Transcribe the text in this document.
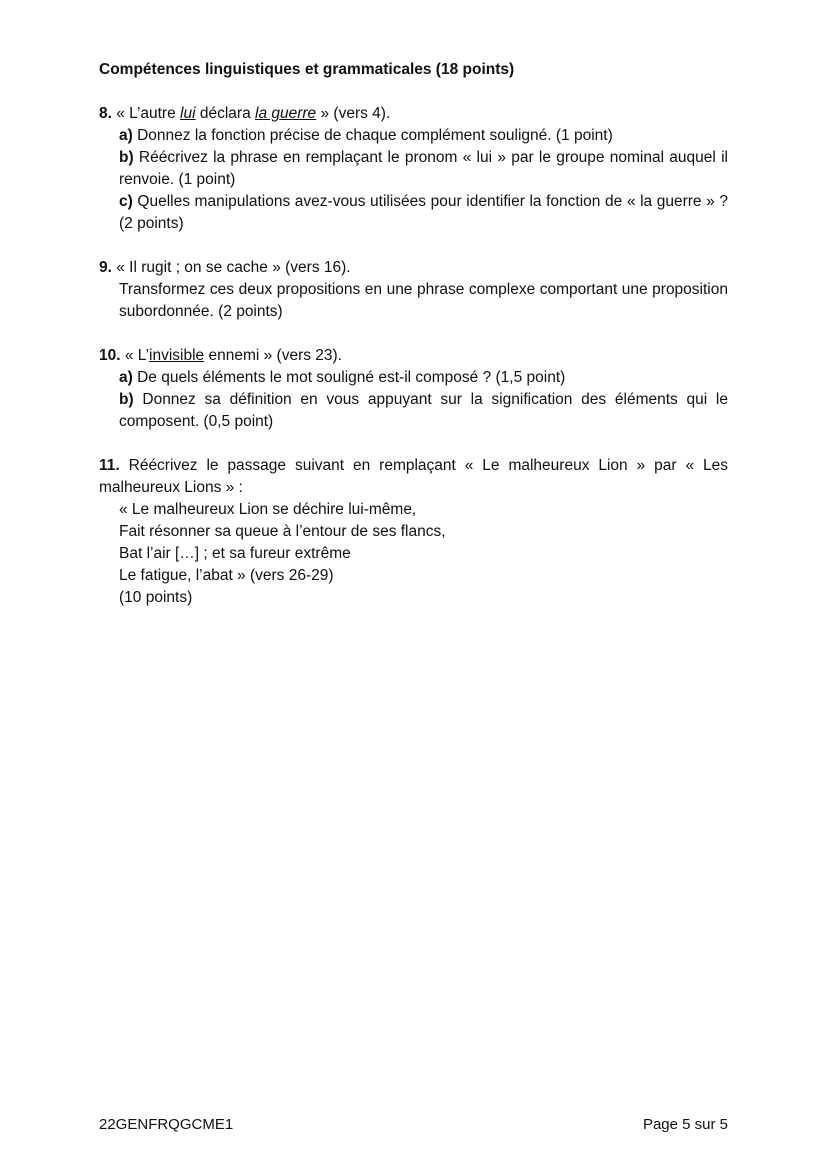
Compétences linguistiques et grammaticales (18 points)

8. « L’autre lui déclara la guerre » (vers 4).

a) Donnez la fonction précise de chaque complément souligné. (1 point)

b) Réécrivez la phrase en remplaçant le pronom « lui » par le groupe nominal auquel il renvoie. (1 point)

c) Quelles manipulations avez-vous utilisées pour identifier la fonction de « la guerre » ? (2 points)

9. « Il rugit ; on se cache » (vers 16).

Transformez ces deux propositions en une phrase complexe comportant une proposition subordonnée. (2 points)

10. « L’invisible ennemi » (vers 23).

a) De quels éléments le mot souligné est-il composé ? (1,5 point)

b) Donnez sa définition en vous appuyant sur la signification des éléments qui le composent. (0,5 point)

11. Réécrivez le passage suivant en remplaçant « Le malheureux Lion » par « Les malheureux Lions » :

« Le malheureux Lion se déchire lui-même,

Fait résonner sa queue à l’entour de ses flancs,

Bat l’air […] ; et sa fureur extrême

Le fatigue, l’abat » (vers 26-29)

(10 points)

22GENFRQGCME1	Page 5 sur 5
